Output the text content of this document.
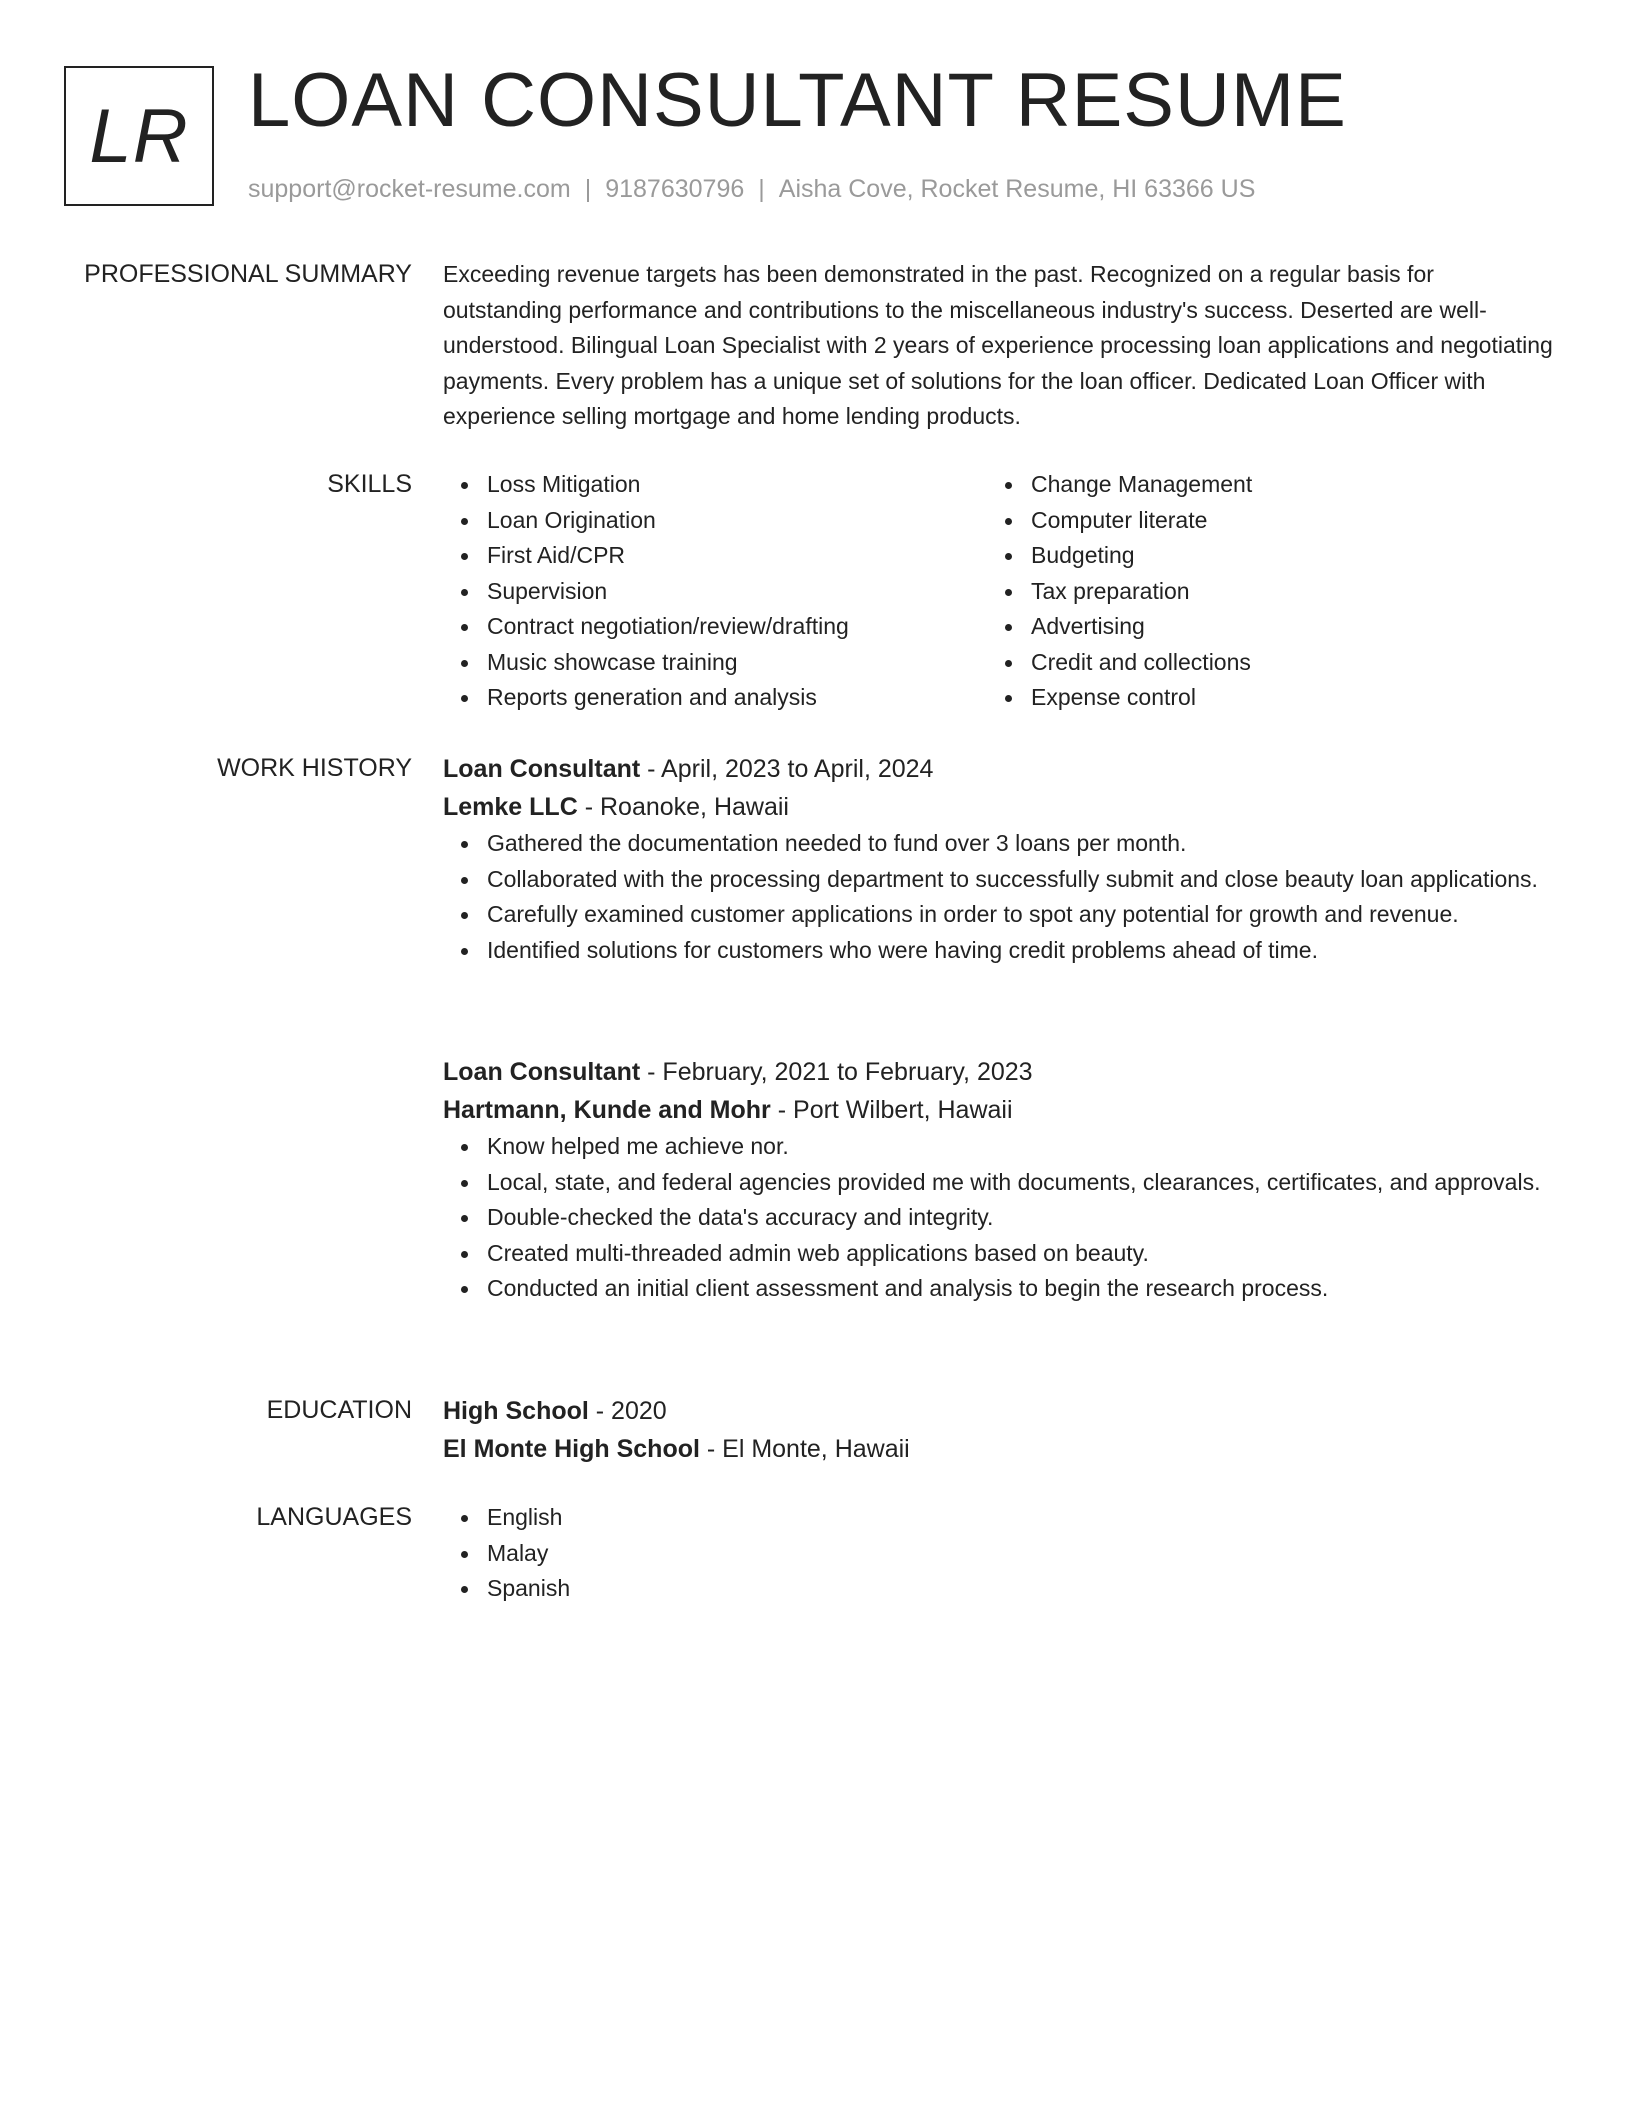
LR LOAN CONSULTANT RESUME
support@rocket-resume.com | 9187630796 | Aisha Cove, Rocket Resume, HI 63366 US
PROFESSIONAL SUMMARY Exceeding revenue targets has been demonstrated in the past. Recognized on a regular basis for outstanding performance and contributions to the miscellaneous industry's success. Deserted are well-understood. Bilingual Loan Specialist with 2 years of experience processing loan applications and negotiating payments. Every problem has a unique set of solutions for the loan officer. Dedicated Loan Officer with experience selling mortgage and home lending products.

SKILLS	Loss Mitigation
Loan Origination
First Aid/CPR
Supervision
Contract negotiation/review/drafting
Music showcase training
Reports generation and analysis
Change Management
Computer literate
Budgeting
Tax preparation
Advertising
Credit and collections
Expense control
WORK HISTORY Loan Consultant - April, 2023 to April, 2024
Lemke LLC - Roanoke, Hawaii
Gathered the documentation needed to fund over 3 loans per month.
Collaborated with the processing department to successfully submit and close beauty loan applications.
Carefully examined customer applications in order to spot any potential for growth and revenue.
Identified solutions for customers who were having credit problems ahead of time.
Loan Consultant - February, 2021 to February, 2023
Hartmann, Kunde and Mohr - Port Wilbert, Hawaii
Know helped me achieve nor.
Local, state, and federal agencies provided me with documents, clearances, certificates, and approvals.
Double-checked the data's accuracy and integrity.
Created multi-threaded admin web applications based on beauty.
Conducted an initial client assessment and analysis to begin the research process.
EDUCATION High School - 2020
El Monte High School - El Monte, Hawaii
LANGUAGES	English
Malay
Spanish
